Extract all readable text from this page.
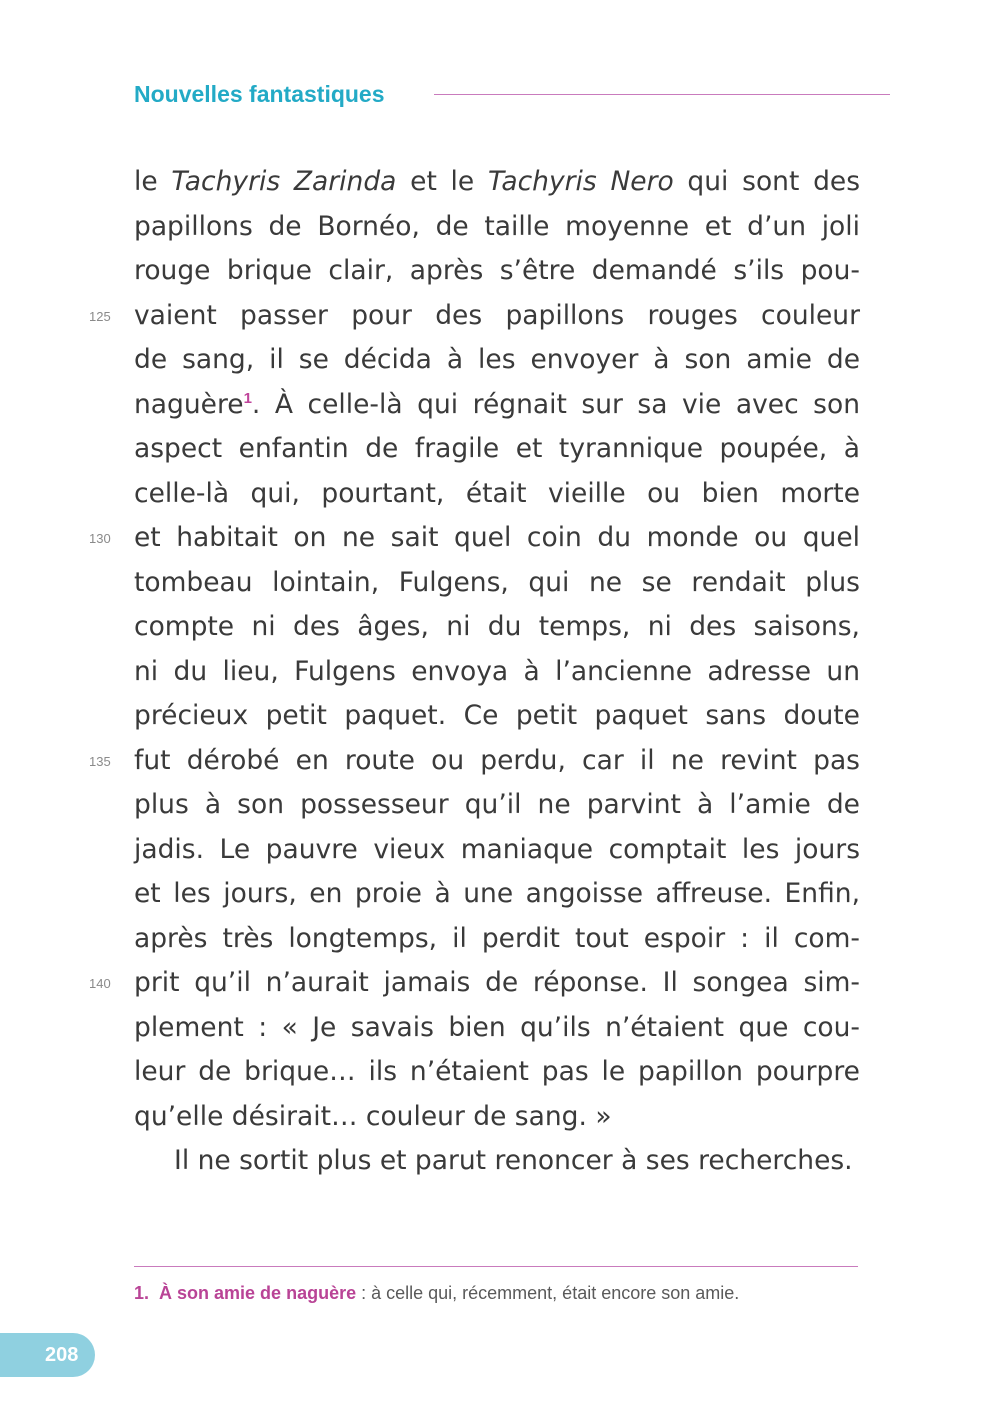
Nouvelles fantastiques
le Tachyris Zarinda et le Tachyris Nero qui sont des
papillons de Bornéo, de taille moyenne et d’un joli
rouge brique clair, après s’être demandé s’ils pou-
125 vaient passer pour des papillons rouges couleur
de sang, il se décida à les envoyer à son amie de
naguère$^1$. À celle-là qui régnait sur sa vie avec son
aspect enfantin de fragile et tyrannique poupée, à
celle-là qui, pourtant, était vieille ou bien morte
130 et habitait on ne sait quel coin du monde ou quel
tombeau lointain, Fulgens, qui ne se rendait plus
compte ni des âges, ni du temps, ni des saisons,
ni du lieu, Fulgens envoya à l’ancienne adresse un
précieux petit paquet. Ce petit paquet sans doute
135 fut dérobé en route ou perdu, car il ne revint pas
plus à son possesseur qu’il ne parvint à l’amie de
jadis. Le pauvre vieux maniaque comptait les jours
et les jours, en proie à une angoisse affreuse. Enfin,
après très longtemps, il perdit tout espoir : il com-
140 prit qu’il n’aurait jamais de réponse. Il songea sim-
plement : « Je savais bien qu’ils n’étaient que cou-
leur de brique… ils n’étaient pas le papillon pourpre
qu’elle désirait… couleur de sang. »
Il ne sortit plus et parut renoncer à ses recherches.
1. À son amie de naguère : à celle qui, récemment, était encore son amie.
208
